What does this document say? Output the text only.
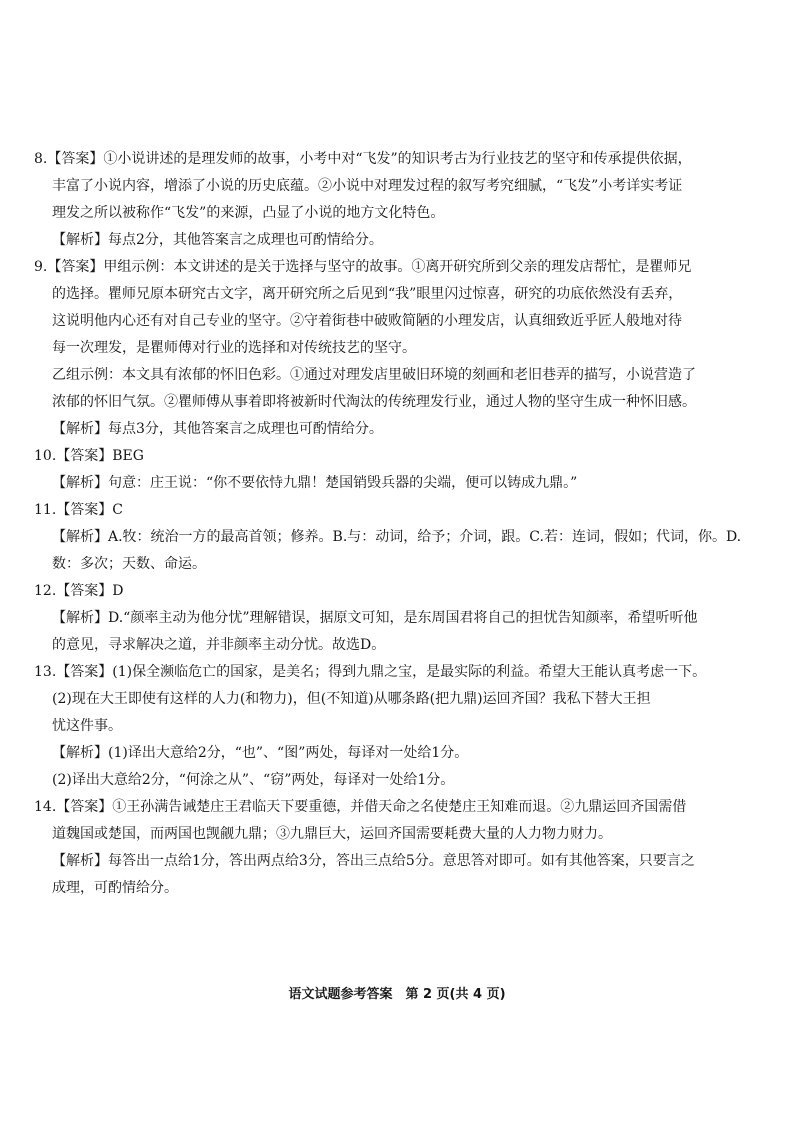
8.【答案】①小说讲述的是理发师的故事，小考中对“飞发”的知识考古为行业技艺的坚守和传承提供依据，
丰富了小说内容，增添了小说的历史底蕴。②小说中对理发过程的叙写考究细腻，“飞发”小考详实考证
理发之所以被称作“飞发”的来源，凸显了小说的地方文化特色。
【解析】每点2分，其他答案言之成理也可酌情给分。
9.【答案】甲组示例：本文讲述的是关于选择与坚守的故事。①离开研究所到父亲的理发店帮忙，是瞿师兄
的选择。瞿师兄原本研究古文字，离开研究所之后见到“我”眼里闪过惊喜，研究的功底依然没有丢弃，
这说明他内心还有对自己专业的坚守。②守着街巷中破败简陋的小理发店，认真细致近乎匠人般地对待
每一次理发，是瞿师傅对行业的选择和对传统技艺的坚守。
乙组示例：本文具有浓郁的怀旧色彩。①通过对理发店里破旧环境的刻画和老旧巷弄的描写，小说营造了
浓郁的怀旧气氛。②瞿师傅从事着即将被新时代淘汰的传统理发行业，通过人物的坚守生成一种怀旧感。
【解析】每点3分，其他答案言之成理也可酌情给分。
10.【答案】BEG
【解析】句意：庄王说：“你不要依恃九鼎！楚国销毁兵器的尖端，便可以铸成九鼎。”
11.【答案】C
【解析】A.牧：统治一方的最高首领；修养。B.与：动词，给予；介词，跟。C.若：连词，假如；代词，你。D.
数：多次；天数、命运。
12.【答案】D
【解析】D.“颜率主动为他分忧”理解错误，据原文可知，是东周国君将自己的担忧告知颜率，希望听听他
的意见，寻求解决之道，并非颜率主动分忧。故选D。
13.【答案】(1)保全濒临危亡的国家，是美名；得到九鼎之宝，是最实际的利益。希望大王能认真考虑一下。
(2)现在大王即使有这样的人力(和物力)，但(不知道)从哪条路(把九鼎)运回齐国？我私下替大王担
忧这件事。
【解析】(1)译出大意给2分，“也”、“图”两处，每译对一处给1分。
(2)译出大意给2分，“何涂之从”、“窃”两处，每译对一处给1分。
14.【答案】①王孙满告诫楚庄王君临天下要重德，并借天命之名使楚庄王知难而退。②九鼎运回齐国需借
道魏国或楚国，而两国也觊觎九鼎；③九鼎巨大，运回齐国需要耗费大量的人力物力财力。
【解析】每答出一点给1分，答出两点给3分，答出三点给5分。意思答对即可。如有其他答案，只要言之
成理，可酌情给分。
语文试题参考答案　第 2 页(共 4 页)
